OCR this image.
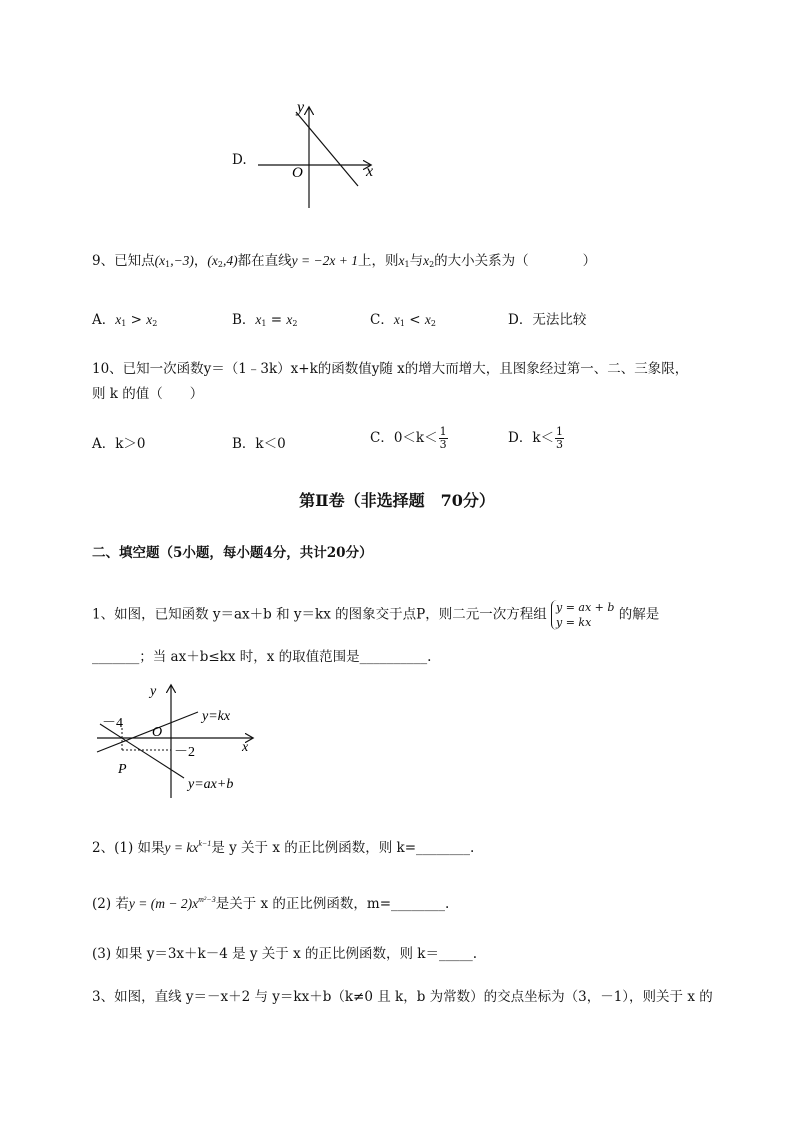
D.
y
x
O
9、已知点$(x_1,-3)$，$(x_2,4)$都在直线y = −2x + 1上，则$x_1$与$x_2$的大小关系为（　　　　）
A．$x_1 > x_2$	B．$x_1 = x_2$	C．$x_1 < x_2$	D．无法比较
10、已知一次函数y＝（1﹣3k）x+k的函数值y随 x的增大而增大，且图象经过第一、二、三象限，
则 k 的值（　　）
A．k＞0	B．k＜0	C．$0<k< \frac{1}{3}$	D．$k< \frac{1}{3}$
第Ⅱ卷（非选择题　70分）
二、填空题（5小题，每小题4分，共计20分）
1、如图，已知函数 y＝ax＋b 和 y＝kx 的图象交于点P，则二元一次方程组 y = ax + b
y = kx	的解是
_______；当 ax＋b≤kx 时，x 的取值范围是__________.
y
x
O
－4
－2
P
y=kx
y=ax+b
2、(1) 如果$y = kx^{k-1}$是 y 关于 x 的正比例函数，则 k=________.
(2) 若$y = (m - 2)x^{m^2-3}$是关于 x 的正比例函数，m=________.
(3) 如果 y＝3x＋k－4 是 y 关于 x 的正比例函数，则 k＝_____.
3、如图，直线 y＝－x＋2 与 y＝kx＋b（k≠0 且 k，b 为常数）的交点坐标为（3，－1），则关于 x 的
